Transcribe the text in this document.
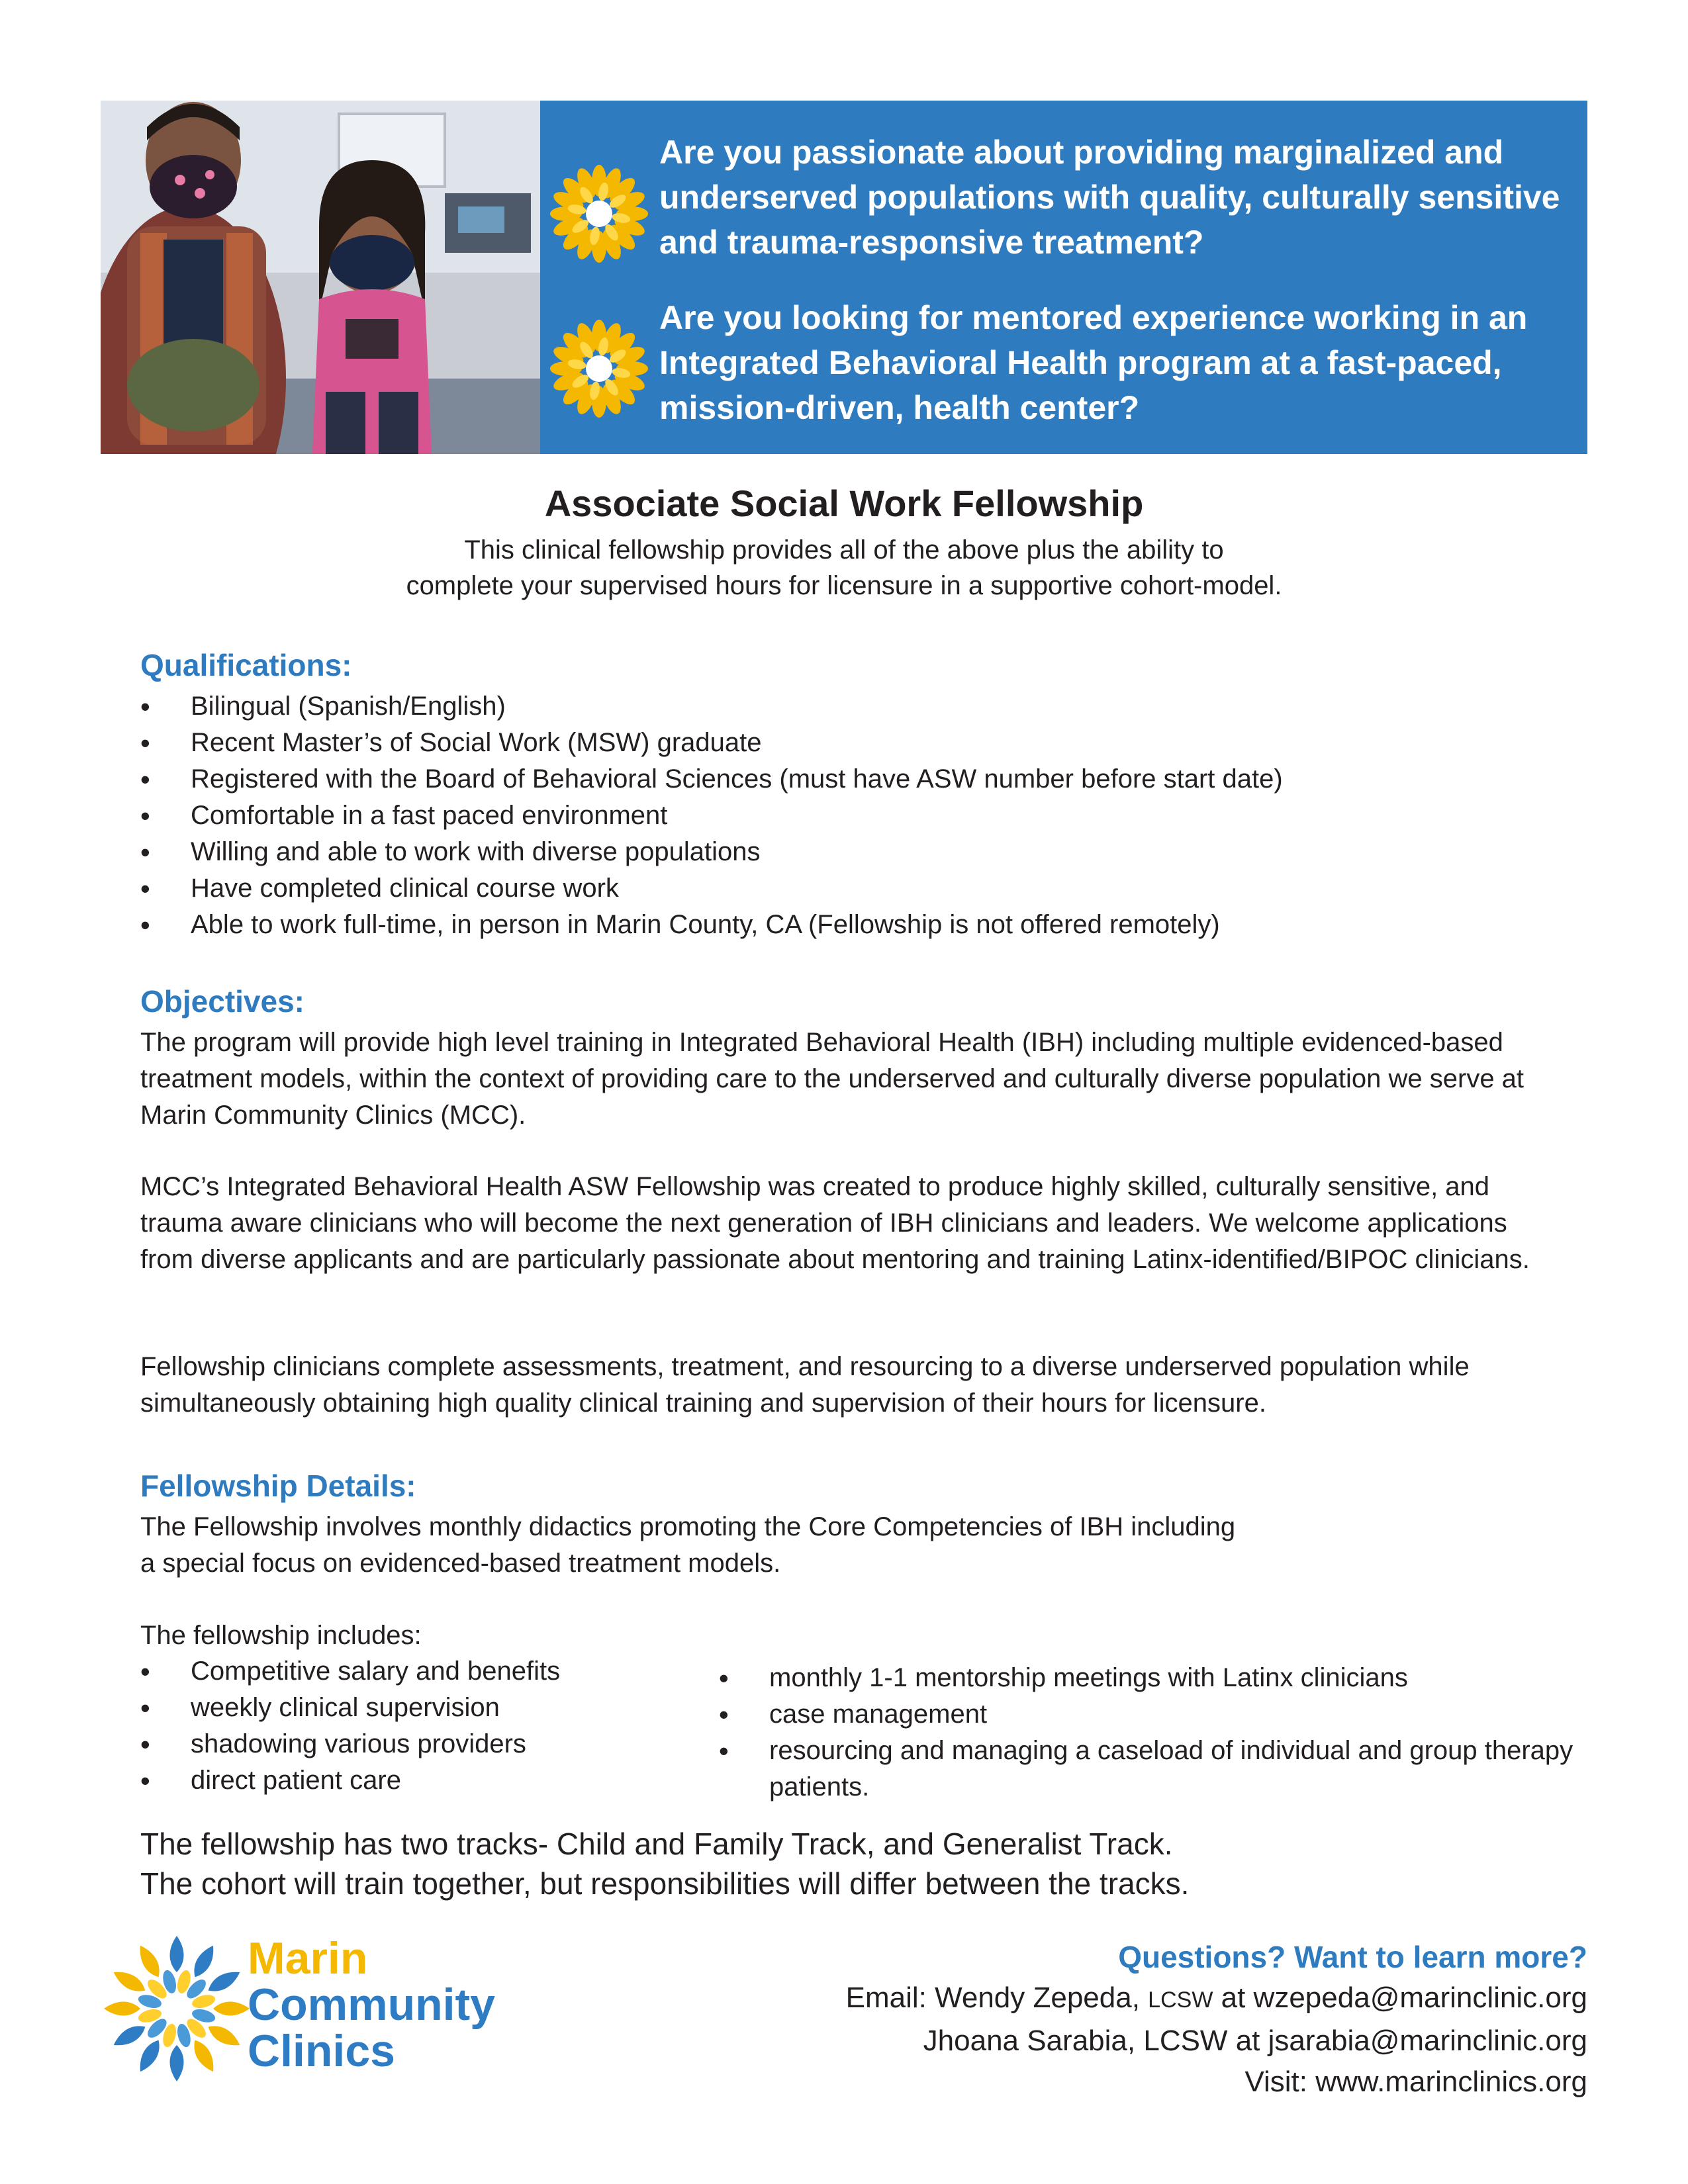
Are you passionate about providing marginalized and underserved populations with quality, culturally sensitive and trauma-responsive treatment?

Are you looking for mentored experience working in an Integrated Behavioral Health program at a fast-paced, mission-driven, health center?

Associate Social Work Fellowship
This clinical fellowship provides all of the above plus the ability to
complete your supervised hours for licensure in a supportive cohort-model.
Qualifications:
• Bilingual (Spanish/English)
• Recent Master’s of Social Work (MSW) graduate
• Registered with the Board of Behavioral Sciences (must have ASW number before start date)
• Comfortable in a fast paced environment
• Willing and able to work with diverse populations
• Have completed clinical course work
• Able to work full-time, in person in Marin County, CA (Fellowship is not offered remotely)
Objectives:

The program will provide high level training in Integrated Behavioral Health (IBH) including multiple evidenced-based treatment models, within the context of providing care to the underserved and culturally diverse population we serve at Marin Community Clinics (MCC).

MCC’s Integrated Behavioral Health ASW Fellowship was created to produce highly skilled, culturally sensitive, and trauma aware clinicians who will become the next generation of IBH clinicians and leaders. We welcome applications from diverse applicants and are particularly passionate about mentoring and training Latinx-identified/BIPOC clinicians.

Fellowship clinicians complete assessments, treatment, and resourcing to a diverse underserved population while simultaneously obtaining high quality clinical training and supervision of their hours for licensure.

Fellowship Details:
The Fellowship involves monthly didactics promoting the Core Competencies of IBH including
a special focus on evidenced-based treatment models.
The fellowship includes:
• Competitive salary and benefits
• weekly clinical supervision
• shadowing various providers
• direct patient care
• monthly 1-1 mentorship meetings with Latinx clinicians
• case management
• resourcing and managing a caseload of individual and group therapy patients.
The fellowship has two tracks- Child and Family Track, and Generalist Track.
The cohort will train together, but responsibilities will differ between the tracks.

Marin

Community

Clinics

Questions? Want to learn more?

Email: Wendy Zepeda, LCSW at wzepeda@marinclinic.org

Jhoana Sarabia, LCSW at jsarabia@marinclinic.org

Visit: www.marinclinics.org
